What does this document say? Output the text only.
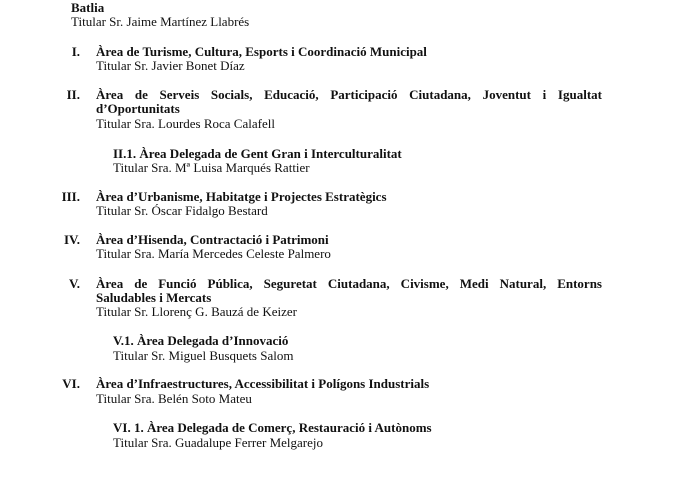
Batlia
Titular Sr. Jaime Martínez Llabrés
I. Àrea de Turisme, Cultura, Esports i Coordinació Municipal
Titular Sr. Javier Bonet Díaz
II. Àrea de Serveis Socials, Educació, Participació Ciutadana, Joventut i Igualtat
d’Oportunitats
Titular Sra. Lourdes Roca Calafell
II.1. Àrea Delegada de Gent Gran i Interculturalitat
Titular Sra. Mª Luisa Marqués Rattier
III. Àrea d’Urbanisme, Habitatge i Projectes Estratègics
Titular Sr. Óscar Fidalgo Bestard
IV. Àrea d’Hisenda, Contractació i Patrimoni
Titular Sra. María Mercedes Celeste Palmero
V. Àrea de Funció Pública, Seguretat Ciutadana, Civisme, Medi Natural, Entorns
Saludables i Mercats
Titular Sr. Llorenç G. Bauzá de Keizer
V.1. Àrea Delegada d’Innovació
Titular Sr. Miguel Busquets Salom
VI. Àrea d’Infraestructures, Accessibilitat i Polígons Industrials
Titular Sra. Belén Soto Mateu
VI. 1. Àrea Delegada de Comerç, Restauració i Autònoms
Titular Sra. Guadalupe Ferrer Melgarejo
